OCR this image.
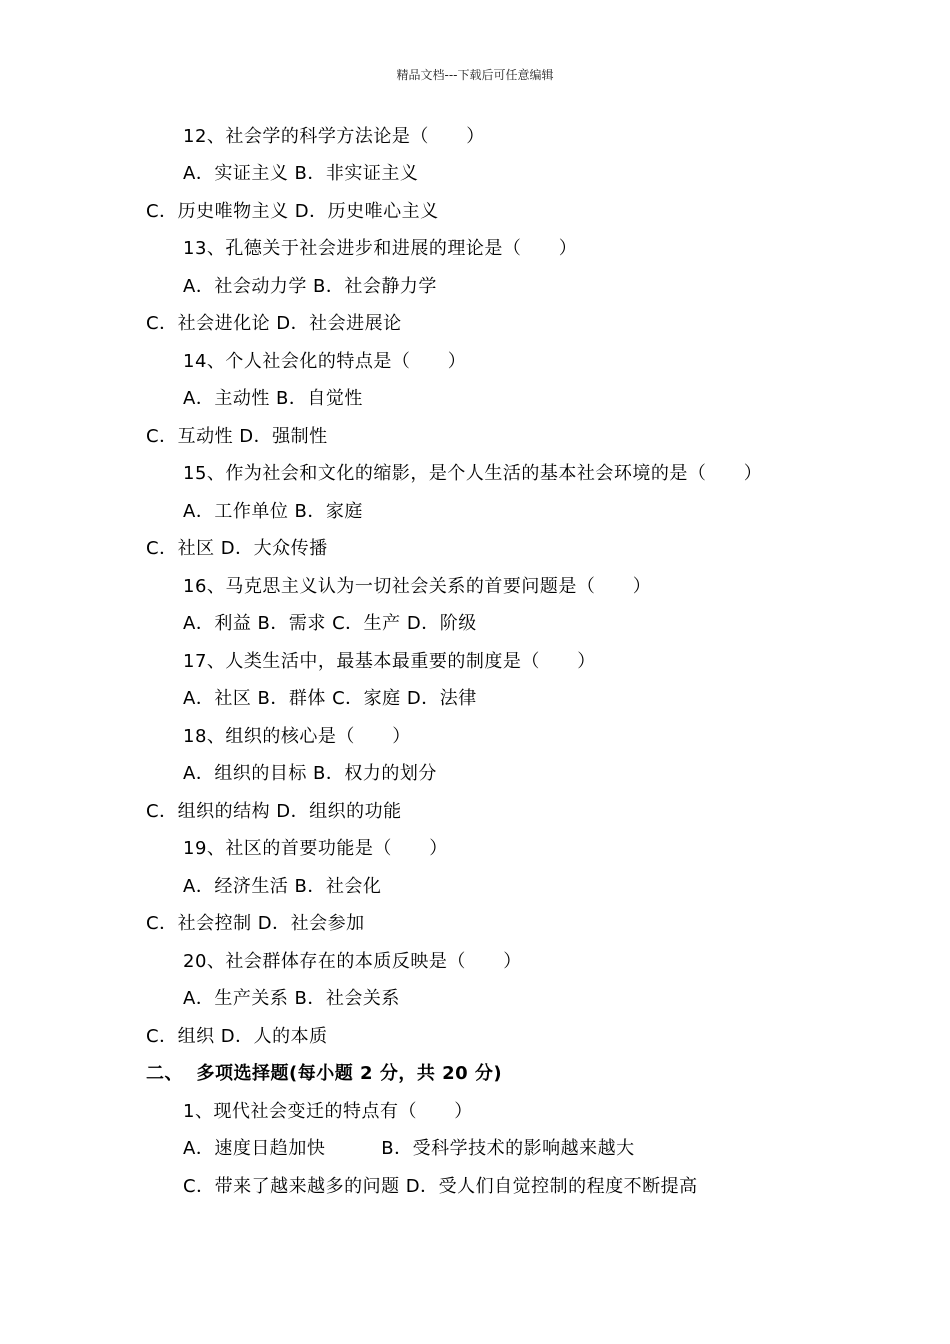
精品文档---下载后可任意编辑
12、社会学的科学方法论是（      ）
A．实证主义 B．非实证主义
C．历史唯物主义 D．历史唯心主义
13、孔德关于社会进步和进展的理论是（      ）
A．社会动力学 B．社会静力学
C．社会进化论 D．社会进展论
14、个人社会化的特点是（      ）
A．主动性 B．自觉性
C．互动性 D．强制性
15、作为社会和文化的缩影，是个人生活的基本社会环境的是（      ）
A．工作单位 B．家庭
C．社区 D．大众传播
16、马克思主义认为一切社会关系的首要问题是（      ）
A．利益 B．需求 C．生产 D．阶级
17、人类生活中，最基本最重要的制度是（      ）
A．社区 B．群体 C．家庭 D．法律
18、组织的核心是（      ）
A．组织的目标 B．权力的划分
C．组织的结构 D．组织的功能
19、社区的首要功能是（      ）
A．经济生活 B．社会化
C．社会控制 D．社会参加
20、社会群体存在的本质反映是（      ）
A．生产关系 B．社会关系
C．组织 D．人的本质
二、  多项选择题(每小题 2 分，共 20 分)
1、现代社会变迁的特点有（      ）
A．速度日趋加快         B．受科学技术的影响越来越大
C．带来了越来越多的问题 D．受人们自觉控制的程度不断提高
